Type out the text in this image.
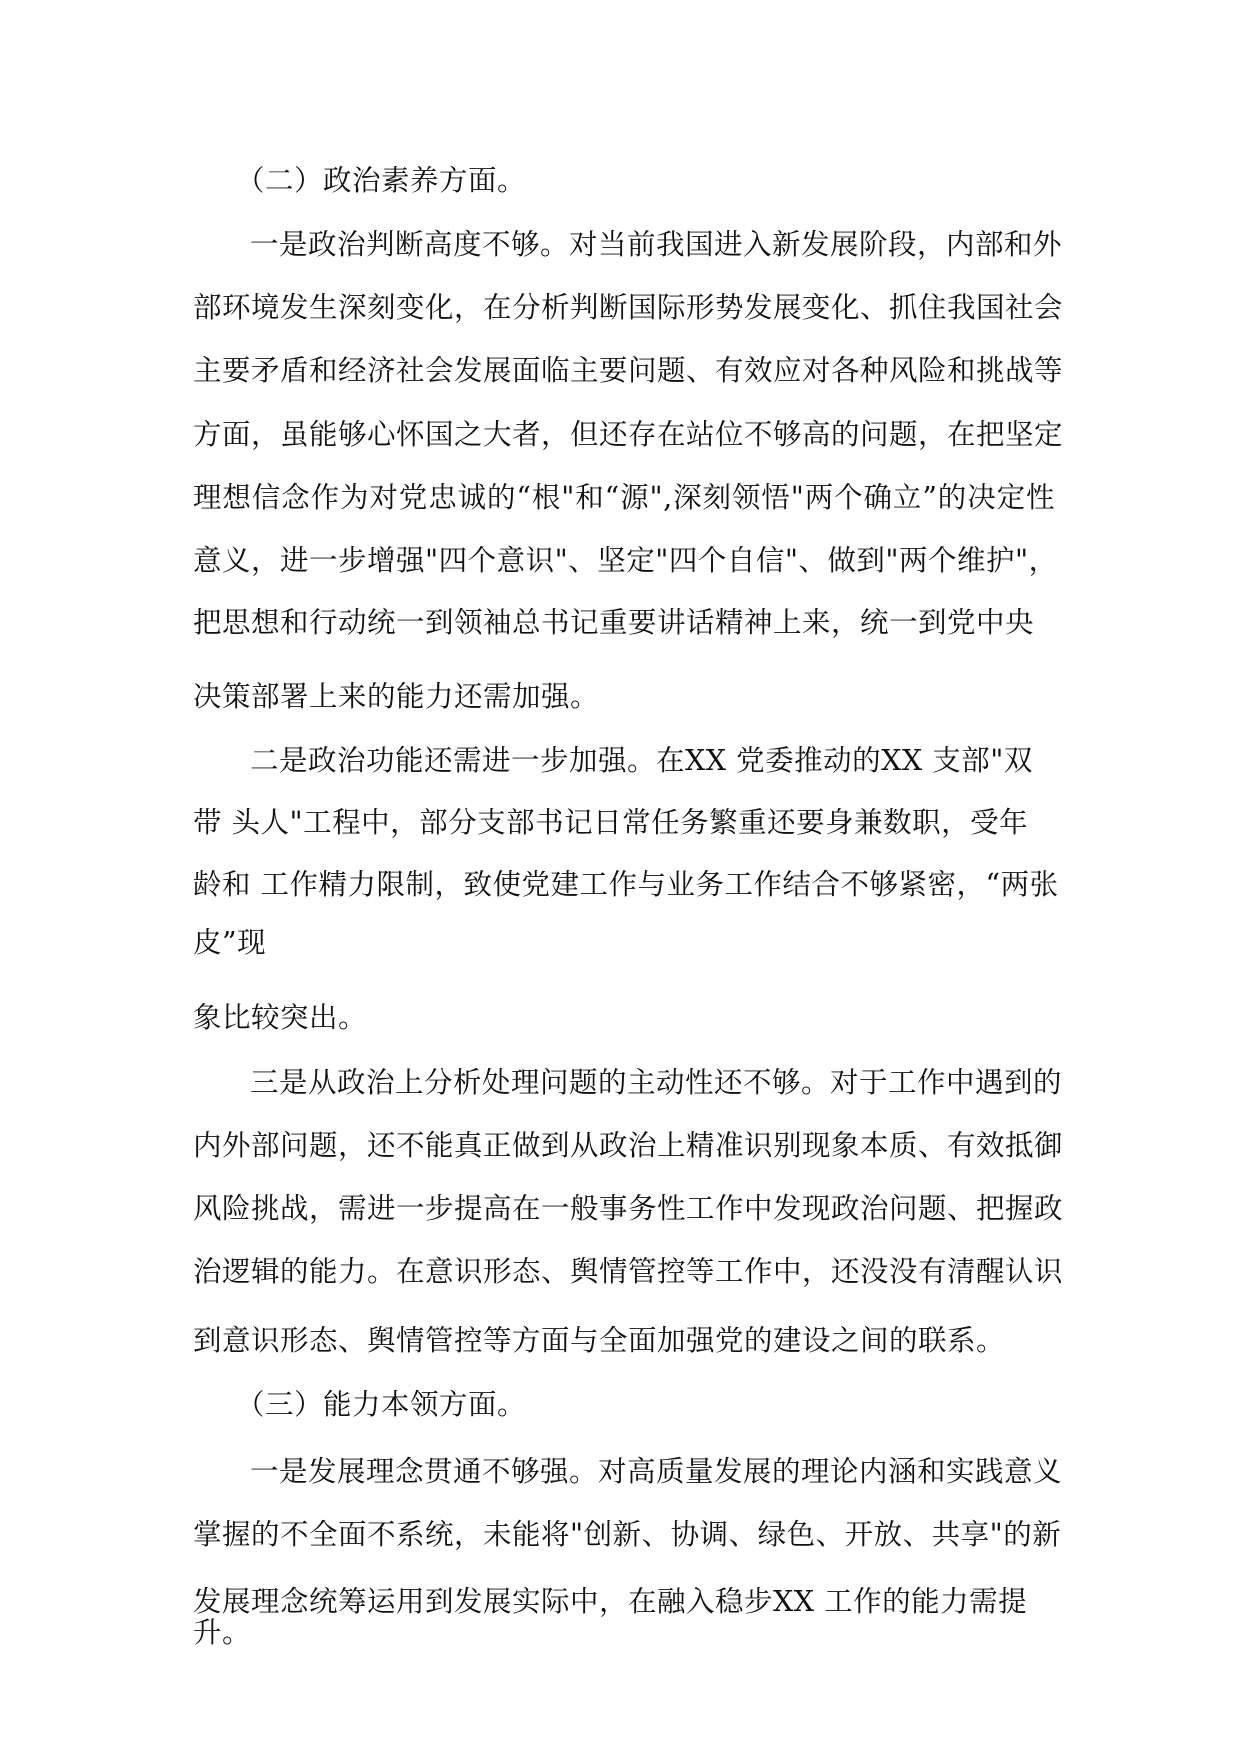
（二）政治素养方面。
一是政治判断高度不够。对当前我国进入新发展阶段，内部和外
部环境发生深刻变化，在分析判断国际形势发展变化、抓住我国社会
主要矛盾和经济社会发展面临主要问题、有效应对各种风险和挑战等
方面，虽能够心怀国之大者，但还存在站位不够高的问题，在把坚定
理想信念作为对党忠诚的“根"和“源",深刻领悟"两个确立”的决定性
意义，进一步增强"四个意识"、坚定"四个自信"、做到"两个维护"，
把思想和行动统一到领袖总书记重要讲话精神上来，统一到党中央
决策部署上来的能力还需加强。
二是政治功能还需进一步加强。在XX 党委推动的XX 支部"双
带 头人"工程中，部分支部书记日常任务繁重还要身兼数职，受年
龄和 工作精力限制，致使党建工作与业务工作结合不够紧密，“两张
皮”现
象比较突出。
三是从政治上分析处理问题的主动性还不够。对于工作中遇到的
内外部问题，还不能真正做到从政治上精准识别现象本质、有效抵御
风险挑战，需进一步提高在一般事务性工作中发现政治问题、把握政
治逻辑的能力。在意识形态、舆情管控等工作中，还没没有清醒认识
到意识形态、舆情管控等方面与全面加强党的建设之间的联系。
（三）能力本领方面。
一是发展理念贯通不够强。对高质量发展的理论内涵和实践意义
掌握的不全面不系统，未能将"创新、协调、绿色、开放、共享"的新
发展理念统筹运用到发展实际中，在融入稳步XX 工作的能力需提
升。
